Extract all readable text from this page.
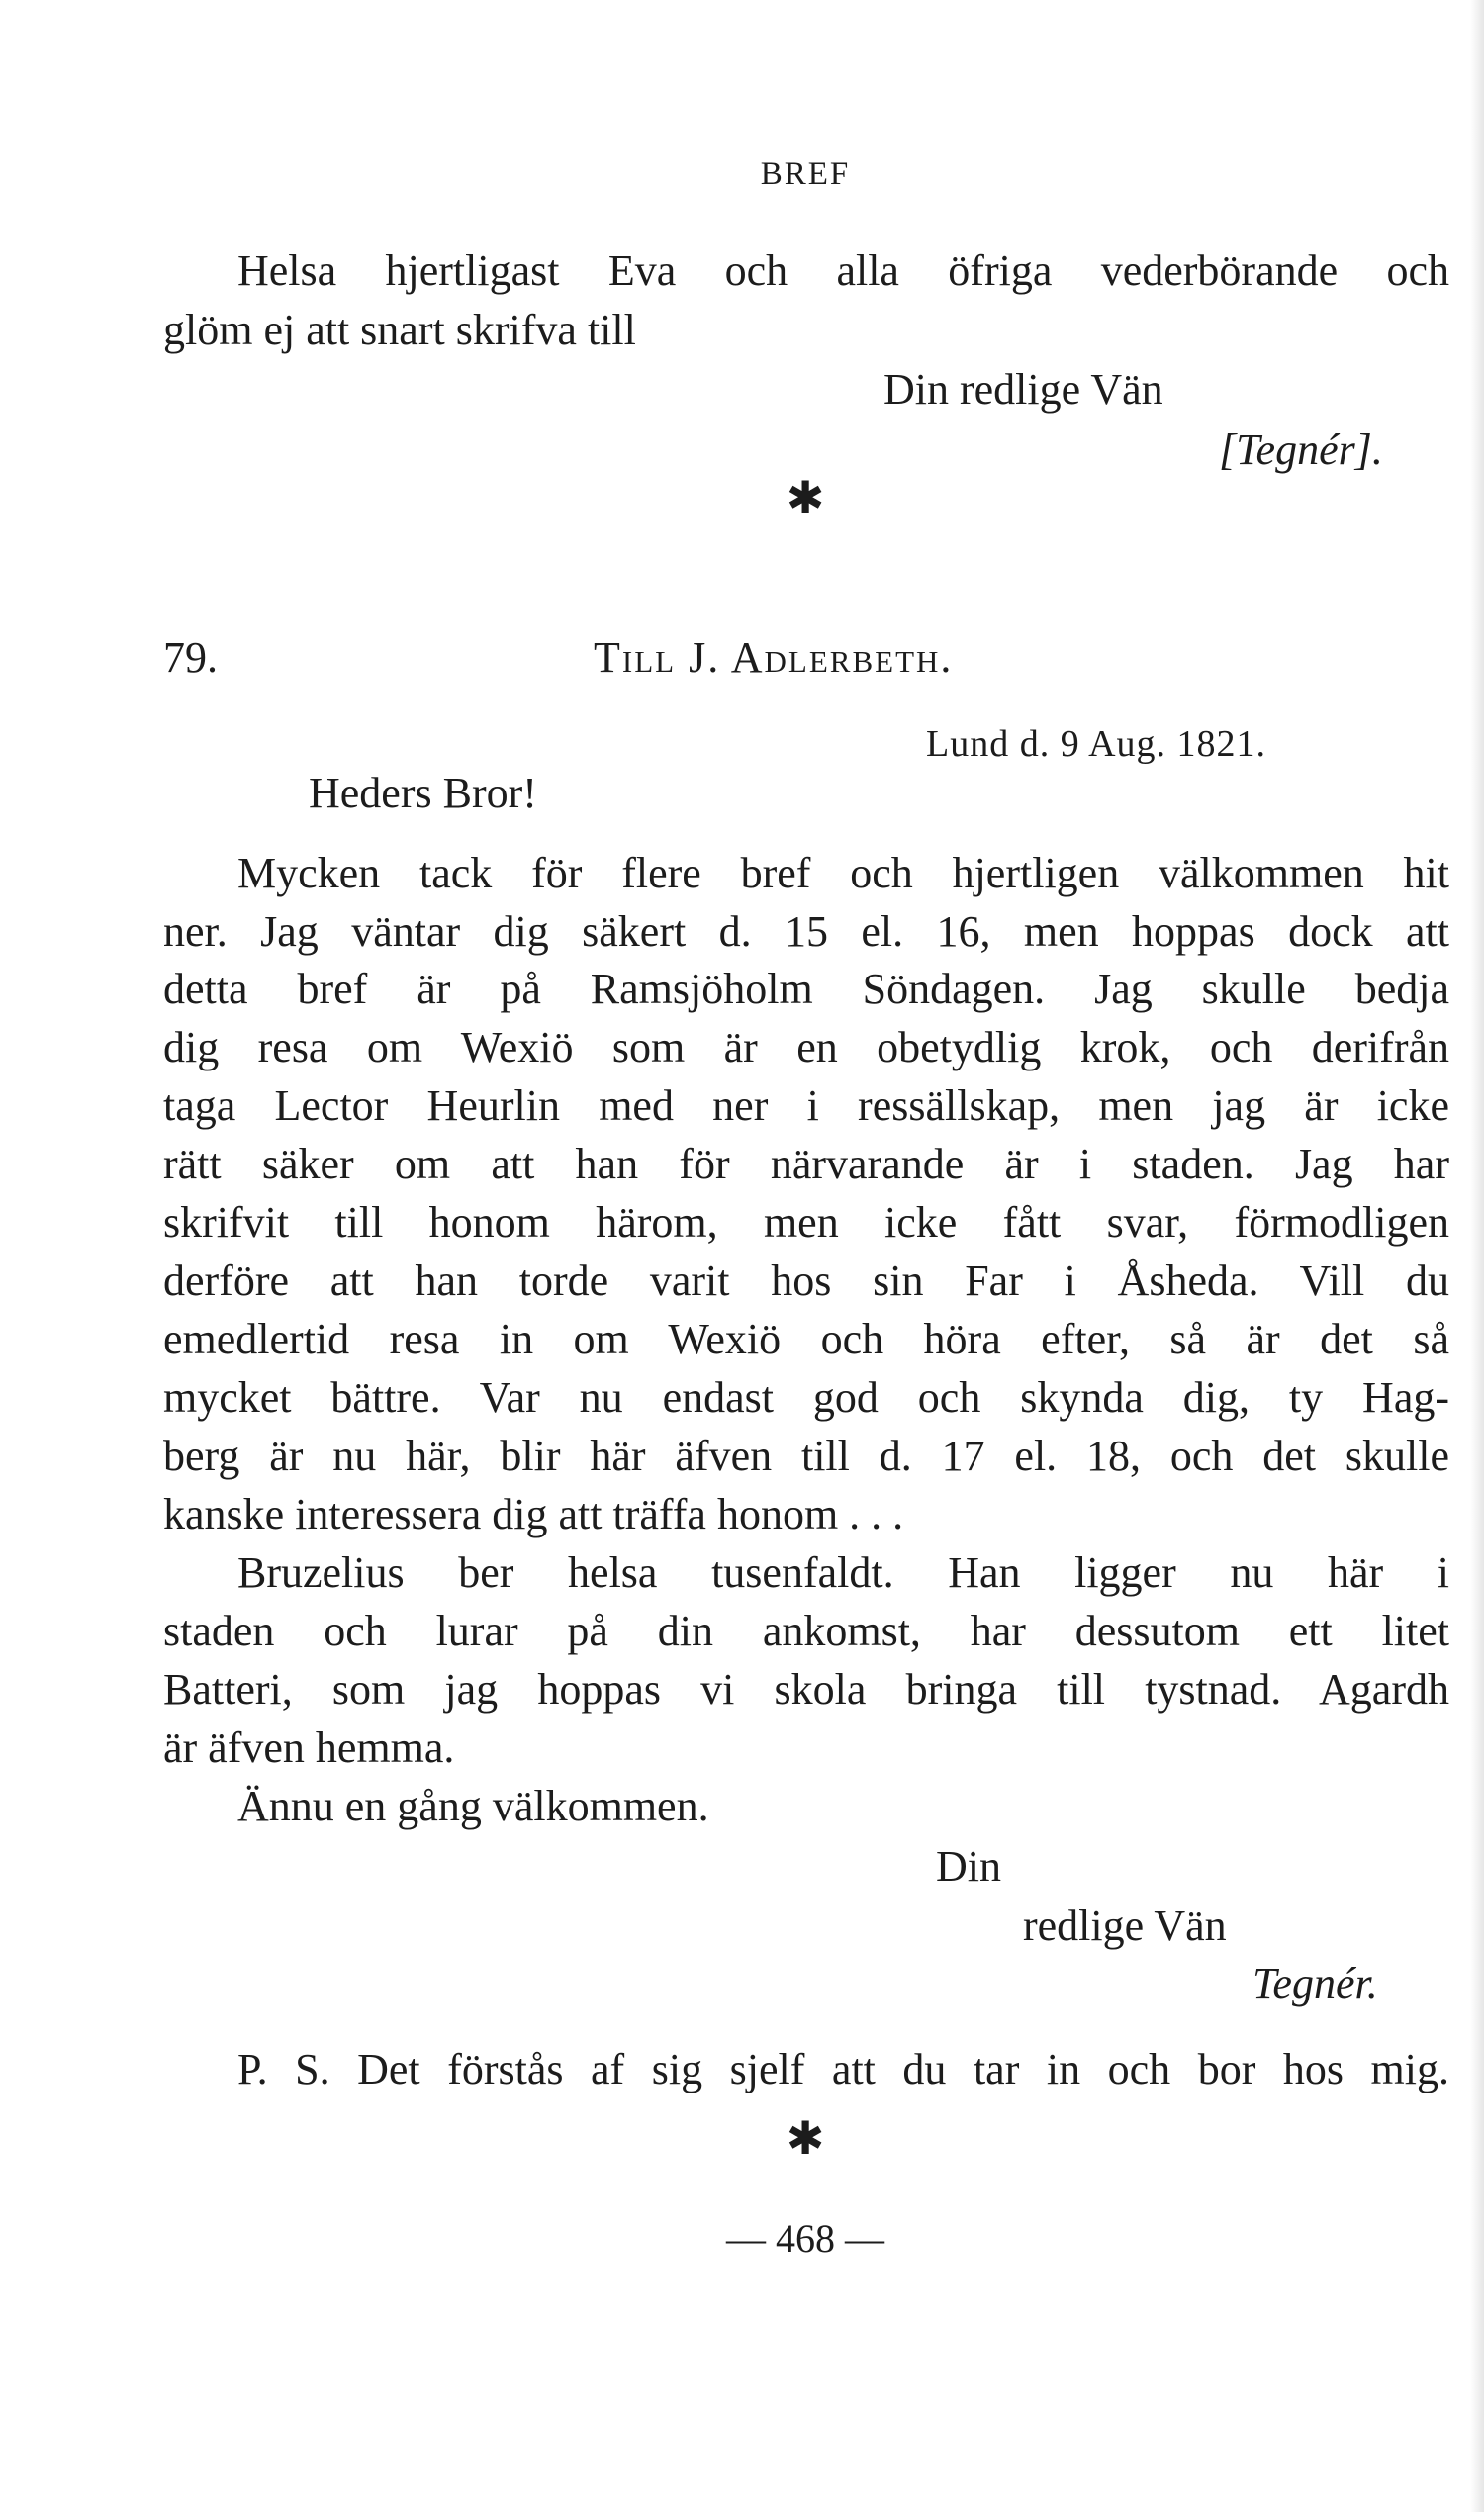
BREF
Helsa hjertligast Eva och alla öfriga vederbörande och
glöm ej att snart skrifva till
Din redlige Vän
[Tegnér].
✱
79.	Till J. Adlerbeth.
Lund d. 9 Aug. 1821.
Heders Bror!
Mycken tack för flere bref och hjertligen välkommen hit
ner. Jag väntar dig säkert d. 15 el. 16, men hoppas dock att
detta bref är på Ramsjöholm Söndagen. Jag skulle bedja
dig resa om Wexiö som är en obetydlig krok, och derifrån
taga Lector Heurlin med ner i ressällskap, men jag är icke
rätt säker om att han för närvarande är i staden. Jag har
skrifvit till honom härom, men icke fått svar, förmodligen
derföre att han torde varit hos sin Far i Åsheda. Vill du
emedlertid resa in om Wexiö och höra efter, så är det så
mycket bättre. Var nu endast god och skynda dig, ty Hag-
berg är nu här, blir här äfven till d. 17 el. 18, och det skulle
kanske interessera dig att träffa honom . . .
Bruzelius ber helsa tusenfaldt. Han ligger nu här i
staden och lurar på din ankomst, har dessutom ett litet
Batteri, som jag hoppas vi skola bringa till tystnad. Agardh
är äfven hemma.
Ännu en gång välkommen.
Din
redlige Vän
Tegnér.
P. S. Det förstås af sig sjelf att du tar in och bor hos mig.
✱
— 468 —
